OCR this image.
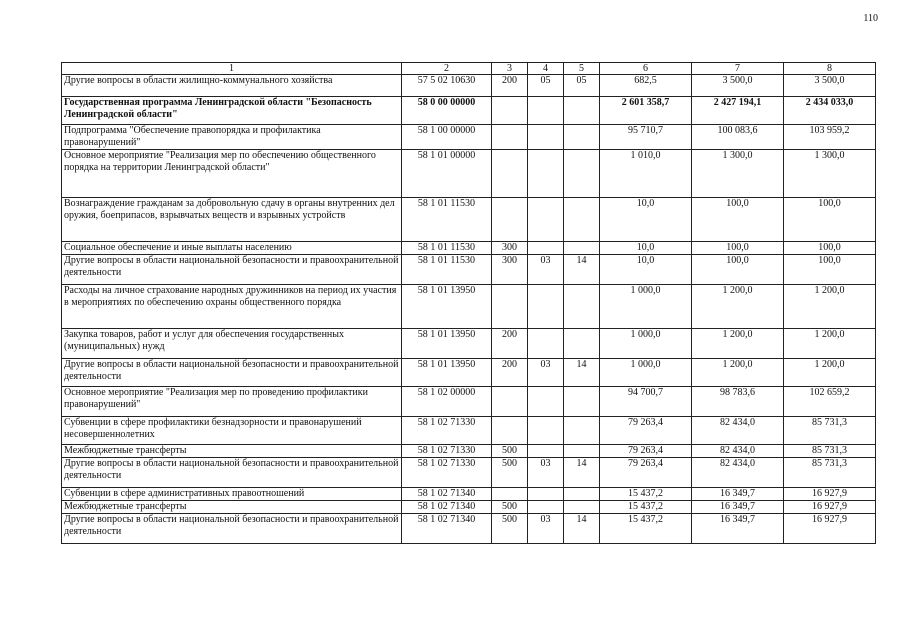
110
1	2	3	4	5	6	7	8
Другие вопросы в области жилищно-коммунального хозяйства	57 5 02 10630	200	05	05	682,5	3 500,0	3 500,0
Государственная программа Ленинградской области "Безопасность Ленинградской области"	58 0 00 00000				2 601 358,7	2 427 194,1	2 434 033,0
Подпрограмма "Обеспечение правопорядка и профилактика правонарушений"	58 1 00 00000				95 710,7	100 083,6	103 959,2
Основное мероприятие "Реализация мер по обеспечению общественного порядка на территории Ленинградской области"	58 1 01 00000				1 010,0	1 300,0	1 300,0
Вознаграждение гражданам за добровольную сдачу в органы внутренних дел оружия, боеприпасов, взрывчатых веществ и взрывных устройств	58 1 01 11530				10,0	100,0	100,0
Социальное обеспечение и иные выплаты населению	58 1 01 11530	300			10,0	100,0	100,0
Другие вопросы в области национальной безопасности и правоохранительной деятельности	58 1 01 11530	300	03	14	10,0	100,0	100,0
Расходы на личное страхование народных дружинников на период их участия в мероприятиях по обеспечению охраны общественного порядка	58 1 01 13950				1 000,0	1 200,0	1 200,0
Закупка товаров, работ и услуг для обеспечения государственных (муниципальных) нужд	58 1 01 13950	200			1 000,0	1 200,0	1 200,0
Другие вопросы в области национальной безопасности и правоохранительной деятельности	58 1 01 13950	200	03	14	1 000,0	1 200,0	1 200,0
Основное мероприятие "Реализация мер по проведению профилактики правонарушений"	58 1 02 00000				94 700,7	98 783,6	102 659,2
Субвенции в сфере профилактики безнадзорности и правонарушений несовершеннолетних	58 1 02 71330				79 263,4	82 434,0	85 731,3
Межбюджетные трансферты	58 1 02 71330	500			79 263,4	82 434,0	85 731,3
Другие вопросы в области национальной безопасности и правоохранительной деятельности	58 1 02 71330	500	03	14	79 263,4	82 434,0	85 731,3
Субвенции в сфере административных правоотношений	58 1 02 71340				15 437,2	16 349,7	16 927,9
Межбюджетные трансферты	58 1 02 71340	500			15 437,2	16 349,7	16 927,9
Другие вопросы в области национальной безопасности и правоохранительной деятельности	58 1 02 71340	500	03	14	15 437,2	16 349,7	16 927,9
